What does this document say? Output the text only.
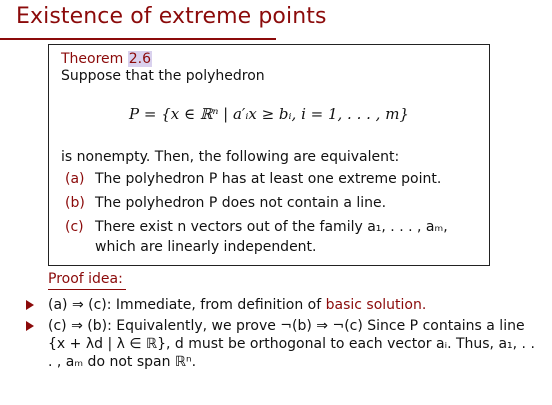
Existence of extreme points
Theorem 2.6
Suppose that the polyhedron
P = {x ∈ ℝⁿ | a′ᵢx ≥ bᵢ, i = 1, . . . , m}
is nonempty. Then, the following are equivalent:
(a) The polyhedron P has at least one extreme point.
(b) The polyhedron P does not contain a line.
(c) There exist n vectors out of the family a₁, . . . , aₘ, which are linearly independent.
Proof idea:
(a) ⇒ (c): Immediate, from definition of basic solution.
(c) ⇒ (b): Equivalently, we prove ¬(b) ⇒ ¬(c) Since P contains a line {x + λd | λ ∈ ℝ}, d must be orthogonal to each vector aᵢ. Thus, a₁, . . . , aₘ do not span ℝⁿ.
